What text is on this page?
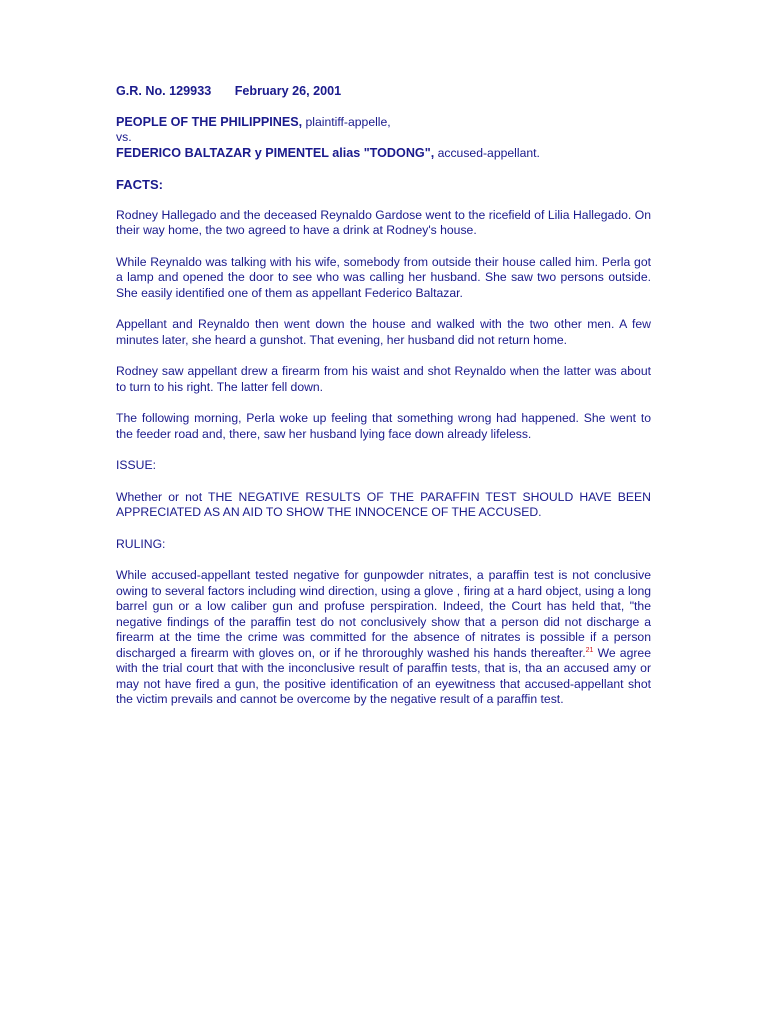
G.R. No. 129933 February 26, 2001

PEOPLE OF THE PHILIPPINES, plaintiff-appelle,

vs.

FEDERICO BALTAZAR y PIMENTEL alias "TODONG", accused-appellant.

FACTS:

Rodney Hallegado and the deceased Reynaldo Gardose went to the ricefield of Lilia Hallegado. On their way home, the two agreed to have a drink at Rodney's house.

While Reynaldo was talking with his wife, somebody from outside their house called him. Perla got a lamp and opened the door to see who was calling her husband. She saw two persons outside. She easily identified one of them as appellant Federico Baltazar.

Appellant and Reynaldo then went down the house and walked with the two other men. A few minutes later, she heard a gunshot. That evening, her husband did not return home.

Rodney saw appellant drew a firearm from his waist and shot Reynaldo when the latter was about to turn to his right. The latter fell down.

The following morning, Perla woke up feeling that something wrong had happened. She went to the feeder road and, there, saw her husband lying face down already lifeless.

ISSUE:

Whether or not THE NEGATIVE RESULTS OF THE PARAFFIN TEST SHOULD HAVE BEEN APPRECIATED AS AN AID TO SHOW THE INNOCENCE OF THE ACCUSED.

RULING:

While accused-appellant tested negative for gunpowder nitrates, a paraffin test is not conclusive owing to several factors including wind direction, using a glove , firing at a hard object, using a long barrel gun or a low caliber gun and profuse perspiration. Indeed, the Court has held that, "the negative findings of the paraffin test do not conclusively show that a person did not discharge a firearm at the time the crime was committed for the absence of nitrates is possible if a person discharged a firearm with gloves on, or if he throroughly washed his hands thereafter.$^{21}$ We agree with the trial court that with the inconclusive result of paraffin tests, that is, tha an accused amy or may not have fired a gun, the positive identification of an eyewitness that accused-appellant shot the victim prevails and cannot be overcome by the negative result of a paraffin test.
